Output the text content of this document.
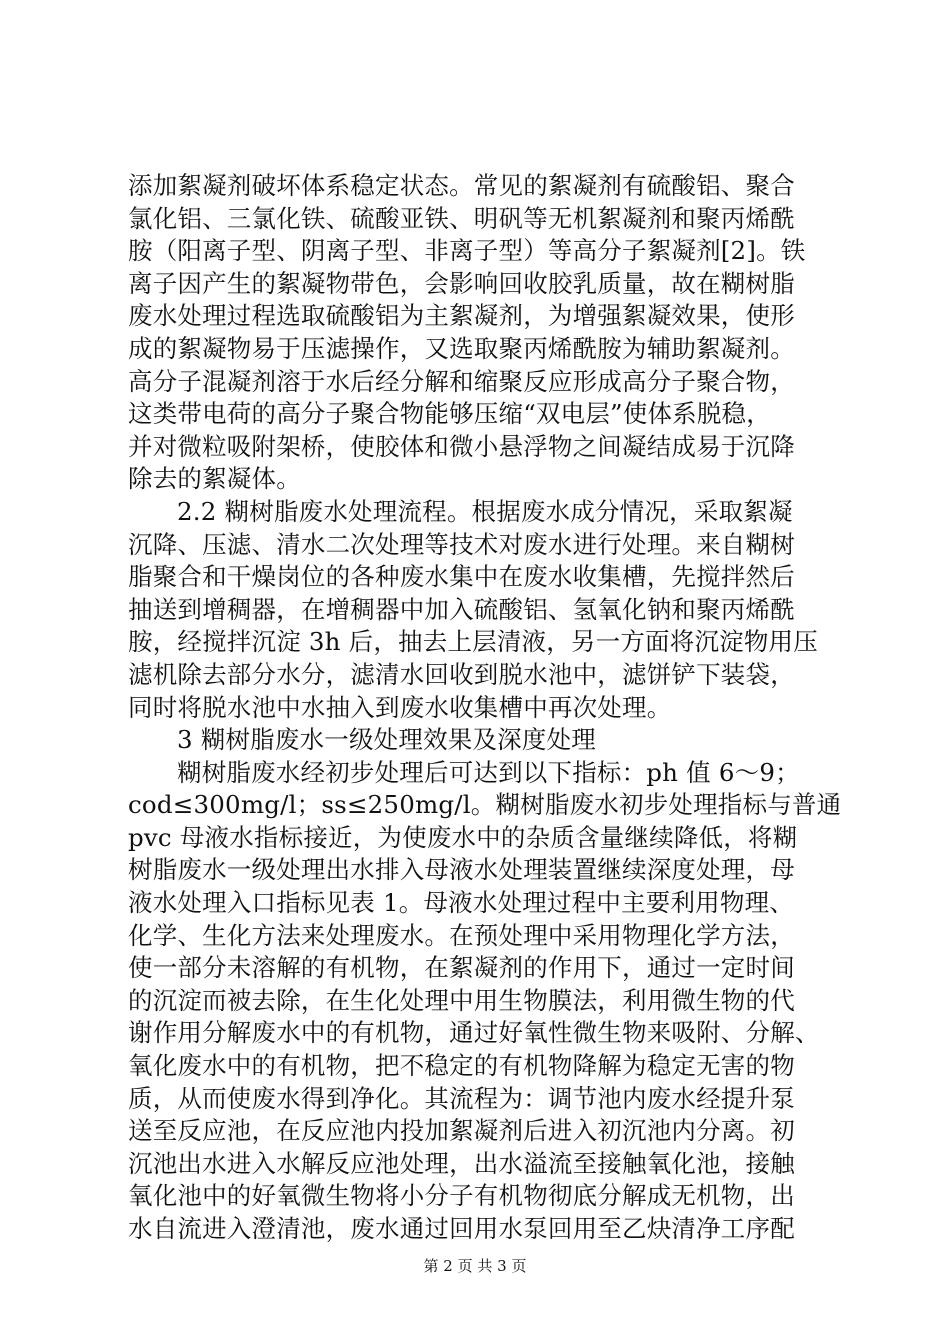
添加絮凝剂破坏体系稳定状态。常见的絮凝剂有硫酸铝、聚合
氯化铝、三氯化铁、硫酸亚铁、明矾等无机絮凝剂和聚丙烯酰
胺（阳离子型、阴离子型、非离子型）等高分子絮凝剂[2]。铁
离子因产生的絮凝物带色，会影响回收胶乳质量，故在糊树脂
废水处理过程选取硫酸铝为主絮凝剂，为增强絮凝效果，使形
成的絮凝物易于压滤操作，又选取聚丙烯酰胺为辅助絮凝剂。
高分子混凝剂溶于水后经分解和缩聚反应形成高分子聚合物，
这类带电荷的高分子聚合物能够压缩“双电层”使体系脱稳，
并对微粒吸附架桥，使胶体和微小悬浮物之间凝结成易于沉降
除去的絮凝体。
2.2 糊树脂废水处理流程。根据废水成分情况，采取絮凝
沉降、压滤、清水二次处理等技术对废水进行处理。来自糊树
脂聚合和干燥岗位的各种废水集中在废水收集槽，先搅拌然后
抽送到增稠器，在增稠器中加入硫酸铝、氢氧化钠和聚丙烯酰
胺，经搅拌沉淀 3h 后，抽去上层清液，另一方面将沉淀物用压
滤机除去部分水分，滤清水回收到脱水池中，滤饼铲下装袋，
同时将脱水池中水抽入到废水收集槽中再次处理。
3 糊树脂废水一级处理效果及深度处理
糊树脂废水经初步处理后可达到以下指标：ph 值 6～9；
cod≤300mg/l；ss≤250mg/l。糊树脂废水初步处理指标与普通
pvc 母液水指标接近，为使废水中的杂质含量继续降低，将糊
树脂废水一级处理出水排入母液水处理装置继续深度处理，母
液水处理入口指标见表 1。母液水处理过程中主要利用物理、
化学、生化方法来处理废水。在预处理中采用物理化学方法，
使一部分未溶解的有机物，在絮凝剂的作用下，通过一定时间
的沉淀而被去除，在生化处理中用生物膜法，利用微生物的代
谢作用分解废水中的有机物，通过好氧性微生物来吸附、分解、
氧化废水中的有机物，把不稳定的有机物降解为稳定无害的物
质，从而使废水得到净化。其流程为：调节池内废水经提升泵
送至反应池，在反应池内投加絮凝剂后进入初沉池内分离。初
沉池出水进入水解反应池处理，出水溢流至接触氧化池，接触
氧化池中的好氧微生物将小分子有机物彻底分解成无机物，出
水自流进入澄清池，废水通过回用水泵回用至乙炔清净工序配
第 2 页 共 3 页
